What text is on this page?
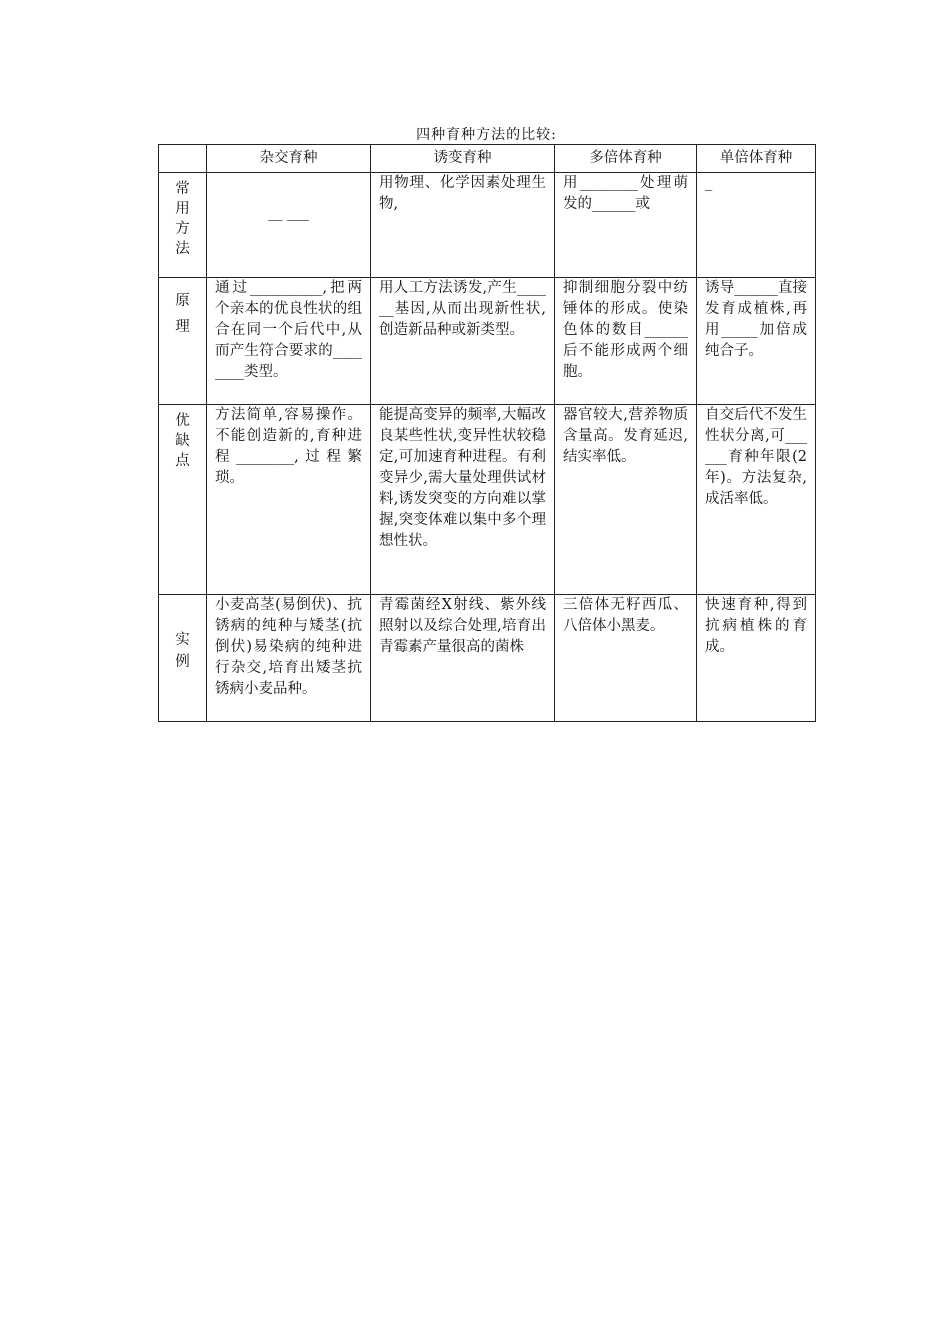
四种育种方法的比较:
	杂交育种	诱变育种	多倍体育种	单倍体育种
常用方法	__ ___	用物理、化学因素处理生物,	用________处理萌发的______或	_
原 理	通过__________,把两个亲本的优良性状的组合在同一个后代中,从而产生符合要求的________类型。	用人工方法诱发,产生______基因,从而出现新性状,创造新品种或新类型。	抑制细胞分裂中纺锤体的形成。使染色体的数目______后不能形成两个细胞。	诱导______直接发育成植株,再用_____加倍成纯合子。
优缺点	方法简单,容易操作。不能创造新的,育种进程________,过程繁琐。	能提高变异的频率,大幅改良某些性状,变异性状较稳定,可加速育种进程。有利变异少,需大量处理供试材料,诱发突变的方向难以掌握,突变体难以集中多个理想性状。	器官较大,营养物质含量高。发育延迟,结实率低。	自交后代不发生性状分离,可______育种年限(2年)。方法复杂,成活率低。
实 例	小麦高茎(易倒伏)、抗锈病的纯种与矮茎(抗倒伏)易染病的纯种进行杂交,培育出矮茎抗锈病小麦品种。	青霉菌经X射线、紫外线照射以及综合处理,培育出青霉素产量很高的菌株	三倍体无籽西瓜、八倍体小黑麦。	快速育种,得到抗病植株的育成。
